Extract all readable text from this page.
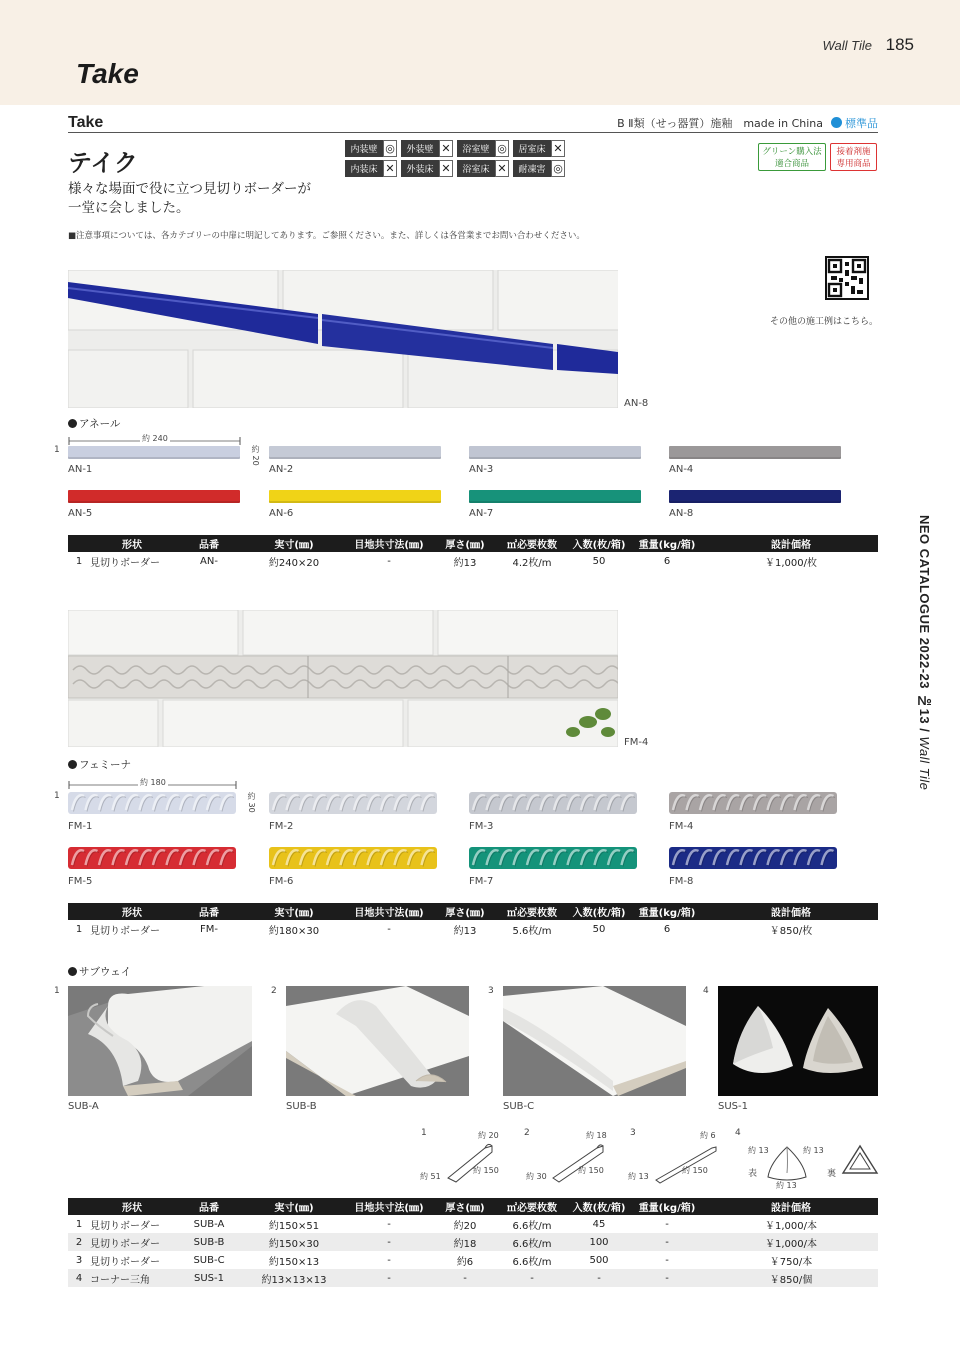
Take
Wall Tile 185
Take	B Ⅱ類（せっ器質）施釉　made in China 標準品
テイク	内装壁 ◎	外装壁 ✕	浴室壁 ◎	居室床 ✕
内装床 ✕	外装床 ✕	浴室床 ✕	耐凍害 ◎
グリーン購入法
適合商品
接着剤施
専用商品
様々な場面で役に立つ見切りボーダーが
一堂に会しました。
■注意事項については、各カテゴリーの中扉に明記してあります。ご参照ください。また、詳しくは各営業までお問い合わせください。
その他の施工例はこちら。
AN-8
アネール
1
約 240
約 20
AN-1	AN-2	AN-3	AN-4
AN-5	AN-6	AN-7	AN-8
	形状	品番	実寸(㎜)	目地共寸法(㎜)	厚さ(㎜)	㎡必要枚数	入数(枚/箱)	重量(kg/箱)	設計価格
1	見切りボーダー	AN-	約240×20	-	約13	4.2枚/m	50	6	￥1,000/枚
FM-4
フェミーナ
1
約 180
約 30
FM-1	FM-2	FM-3	FM-4
FM-5	FM-6	FM-7	FM-8
	形状	品番	実寸(㎜)	目地共寸法(㎜)	厚さ(㎜)	㎡必要枚数	入数(枚/箱)	重量(kg/箱)	設計価格
1	見切りボーダー	FM-	約180×30	-	約13	5.6枚/m	50	6	￥850/枚
サブウェイ
1
SUB-A
2
SUB-B
3
SUB-C
4
SUS-1
1	約 20
約 51
約 150
2	約 18
約 30
約 150
3	約 6
約 13
約 150
4
約 13	約 13
約 13
表	裏
	形状	品番	実寸(㎜)	目地共寸法(㎜)	厚さ(㎜)	㎡必要枚数	入数(枚/箱)	重量(kg/箱)	設計価格
1	見切りボーダー	SUB-A	約150×51	-	約20	6.6枚/m	45	-	￥1,000/本
2	見切りボーダー	SUB-B	約150×30	-	約18	6.6枚/m	100	-	￥1,000/本
3	見切りボーダー	SUB-C	約150×13	-	約6	6.6枚/m	500	-	￥750/本
4	コーナー三角	SUS-1	約13×13×13	-	-	-	-	-	￥850/個
NEO CATALOGUE 2022-23 №13 / Wall Tile
